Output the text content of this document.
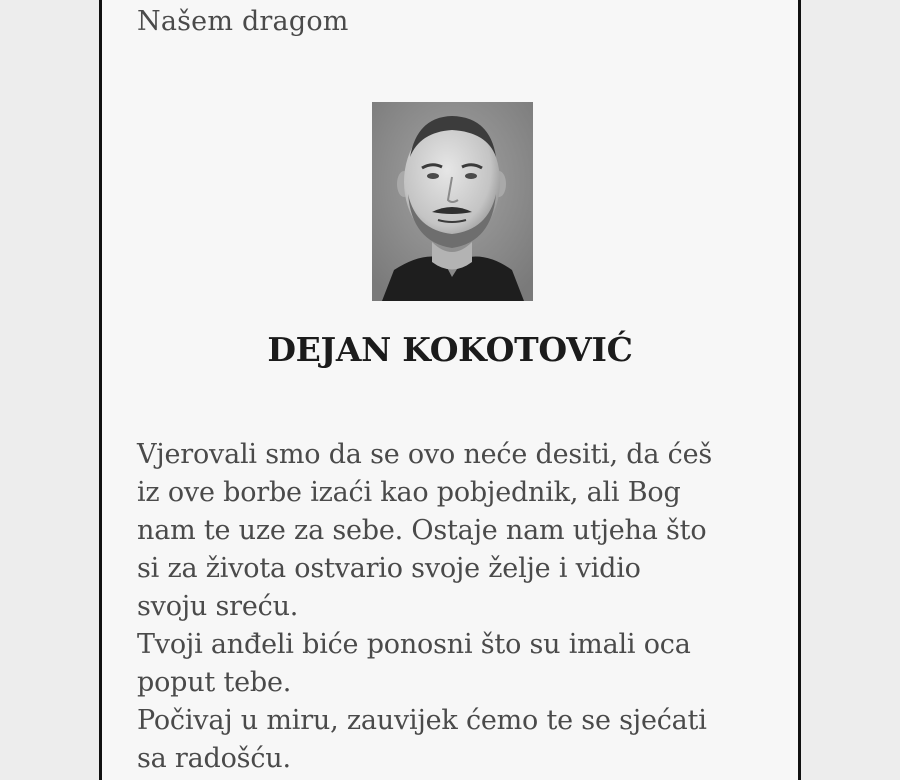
Našem dragom
DEJAN KOKOTOVIĆ
Vjerovali smo da se ovo neće desiti, da ćeš
iz ove borbe izaći kao pobjednik, ali Bog
nam te uze za sebe. Ostaje nam utjeha što
si za života ostvario svoje želje i vidio
svoju sreću.
Tvoji anđeli biće ponosni što su imali oca
poput tebe.
Počivaj u miru, zauvijek ćemo te se sjećati
sa radošću.
